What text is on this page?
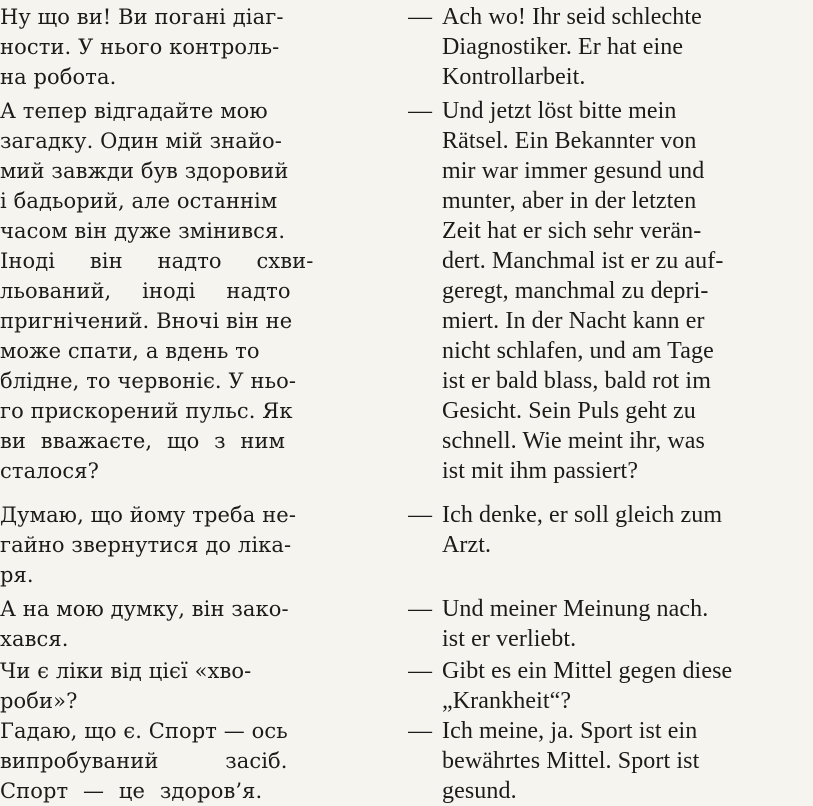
Ну що ви! Ви погані діаг-
ности. У нього контроль-
на робота.
А тепер відгадайте мою
загадку. Один мій знайо-
мий завжди був здоровий
і бадьорий, але останнім
часом він дуже змінився.
Іноді він надто схви-
льований, іноді надто
пригнічений. Вночі він не
може спати, а вдень то
блідне, то червоніє. У ньо-
го прискорений пульс. Як
ви вважаєте, що з ним
сталося?
Думаю, що йому треба не-
гайно звернутися до ліка-
ря.
А на мою думку, він зако-
хався.
Чи є ліки від цієї «хво-
роби»?
Гадаю, що є. Спорт — ось
випробуваний засіб.
Спорт — це здоров’я.
— Ach wo! Ihr seid schlechte
Diagnostiker. Er hat eine
Kontrollarbeit.
— Und jetzt löst bitte mein
Rätsel. Ein Bekannter von
mir war immer gesund und
munter, aber in der letzten
Zeit hat er sich sehr verän-
dert. Manchmal ist er zu auf-
geregt, manchmal zu depri-
miert. In der Nacht kann er
nicht schlafen, und am Tage
ist er bald blass, bald rot im
Gesicht. Sein Puls geht zu
schnell. Wie meint ihr, was
ist mit ihm passiert?
— Ich denke, er soll gleich zum
Arzt.
— Und meiner Meinung nach.
ist er verliebt.
— Gibt es ein Mittel gegen diese
„Krankheit“?
— Ich meine, ja. Sport ist ein
bewährtes Mittel. Sport ist
gesund.
